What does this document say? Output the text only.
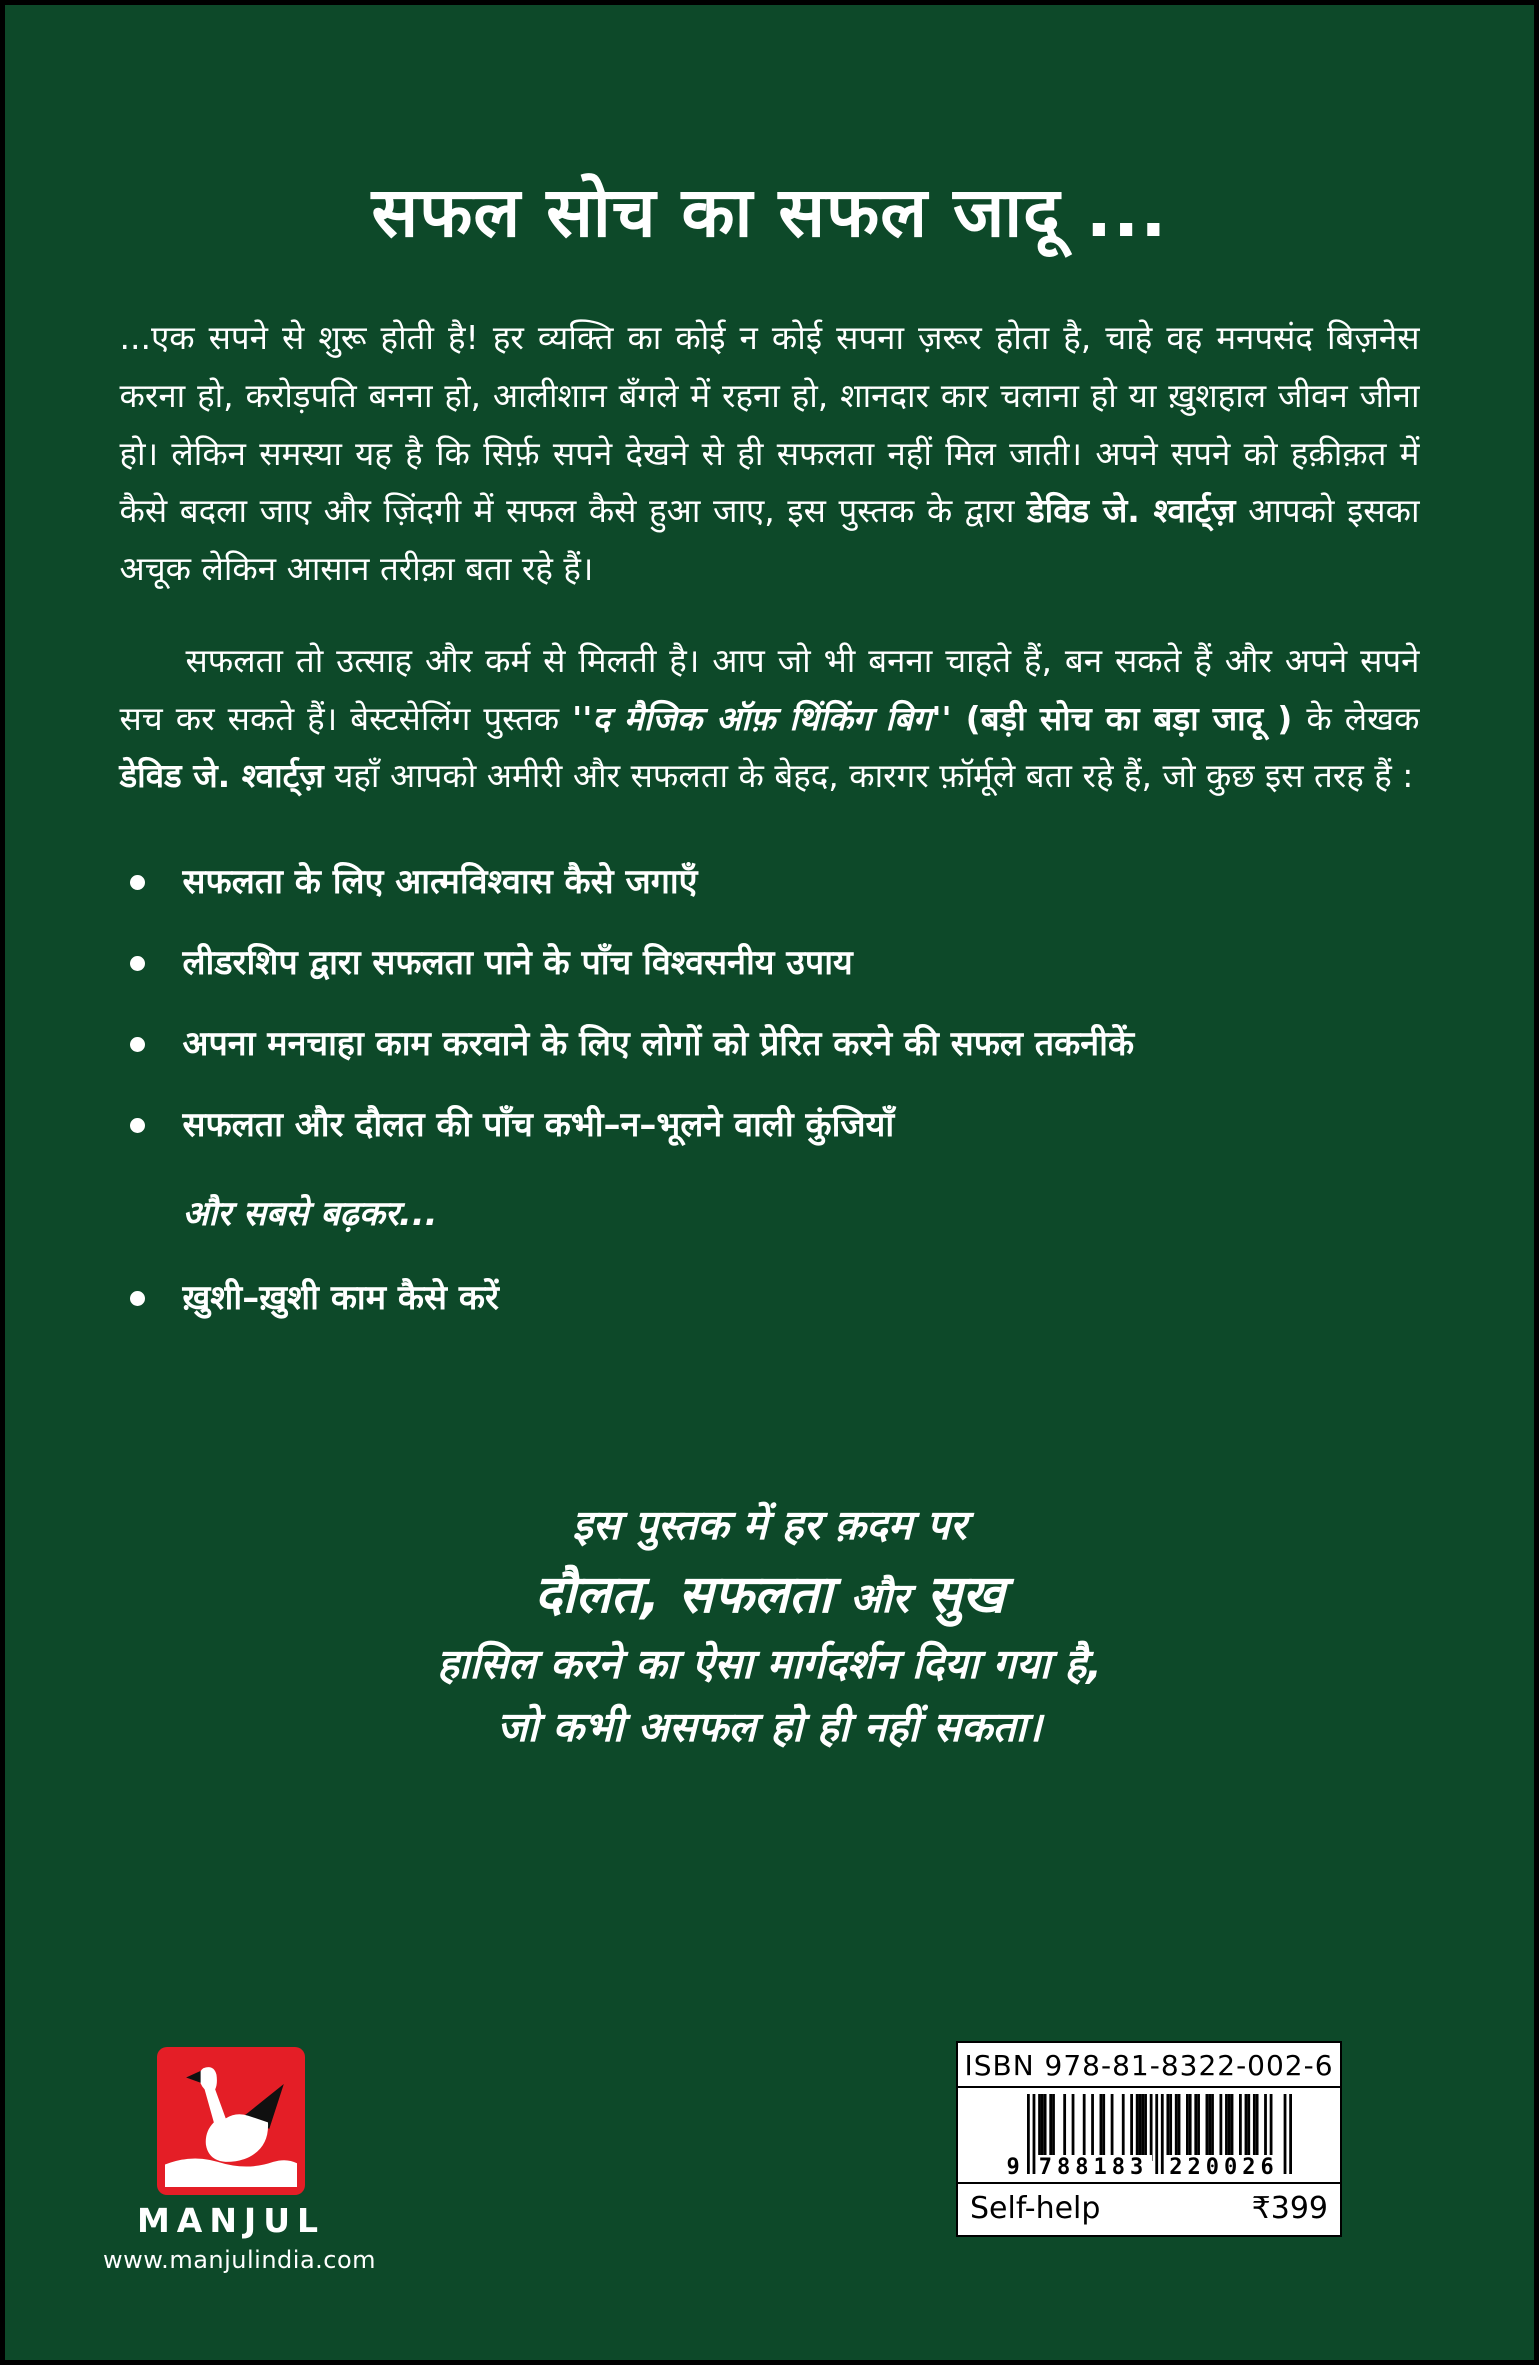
सफल सोच का सफल जादू ...

...एक सपने से शुरू होती है! हर व्यक्ति का कोई न कोई सपना ज़रूर होता है, चाहे वह मनपसंद बिज़नेस करना हो, करोड़पति बनना हो, आलीशान बँगले में रहना हो, शानदार कार चलाना हो या ख़ुशहाल जीवन जीना हो। लेकिन समस्या यह है कि सिर्फ़ सपने देखने से ही सफलता नहीं मिल जाती। अपने सपने को हक़ीक़त में कैसे बदला जाए और ज़िंदगी में सफल कैसे हुआ जाए, इस पुस्तक के द्वारा डेविड जे. श्वार्ट्ज़ आपको इसका अचूक लेकिन आसान तरीक़ा बता रहे हैं।

सफलता तो उत्साह और कर्म से मिलती है। आप जो भी बनना चाहते हैं, बन सकते हैं और अपने सपने सच कर सकते हैं। बेस्टसेलिंग पुस्तक ''द मैजिक ऑफ़ थिंकिंग बिग'' (बड़ी सोच का बड़ा जादू ) के लेखक डेविड जे. श्वार्ट्ज़ यहाँ आपको अमीरी और सफलता के बेहद, कारगर फ़ॉर्मूले बता रहे हैं, जो कुछ इस तरह हैं :

सफलता के लिए आत्मविश्वास कैसे जगाएँ
लीडरशिप द्वारा सफलता पाने के पाँच विश्वसनीय उपाय
अपना मनचाहा काम करवाने के लिए लोगों को प्रेरित करने की सफल तकनीकें
सफलता और दौलत की पाँच कभी–न–भूलने वाली कुंजियाँ
और सबसे बढ़कर...
ख़ुशी–ख़ुशी काम कैसे करें
इस पुस्तक में हर क़दम पर
दौलत, सफलता और सुख
हासिल करने का ऐसा मार्गदर्शन दिया गया है,
जो कभी असफल हो ही नहीं सकता।
MANJUL
www.manjulindia.com
ISBN 978-81-8322-002-6
9 788183 220026
Self-help	₹399
